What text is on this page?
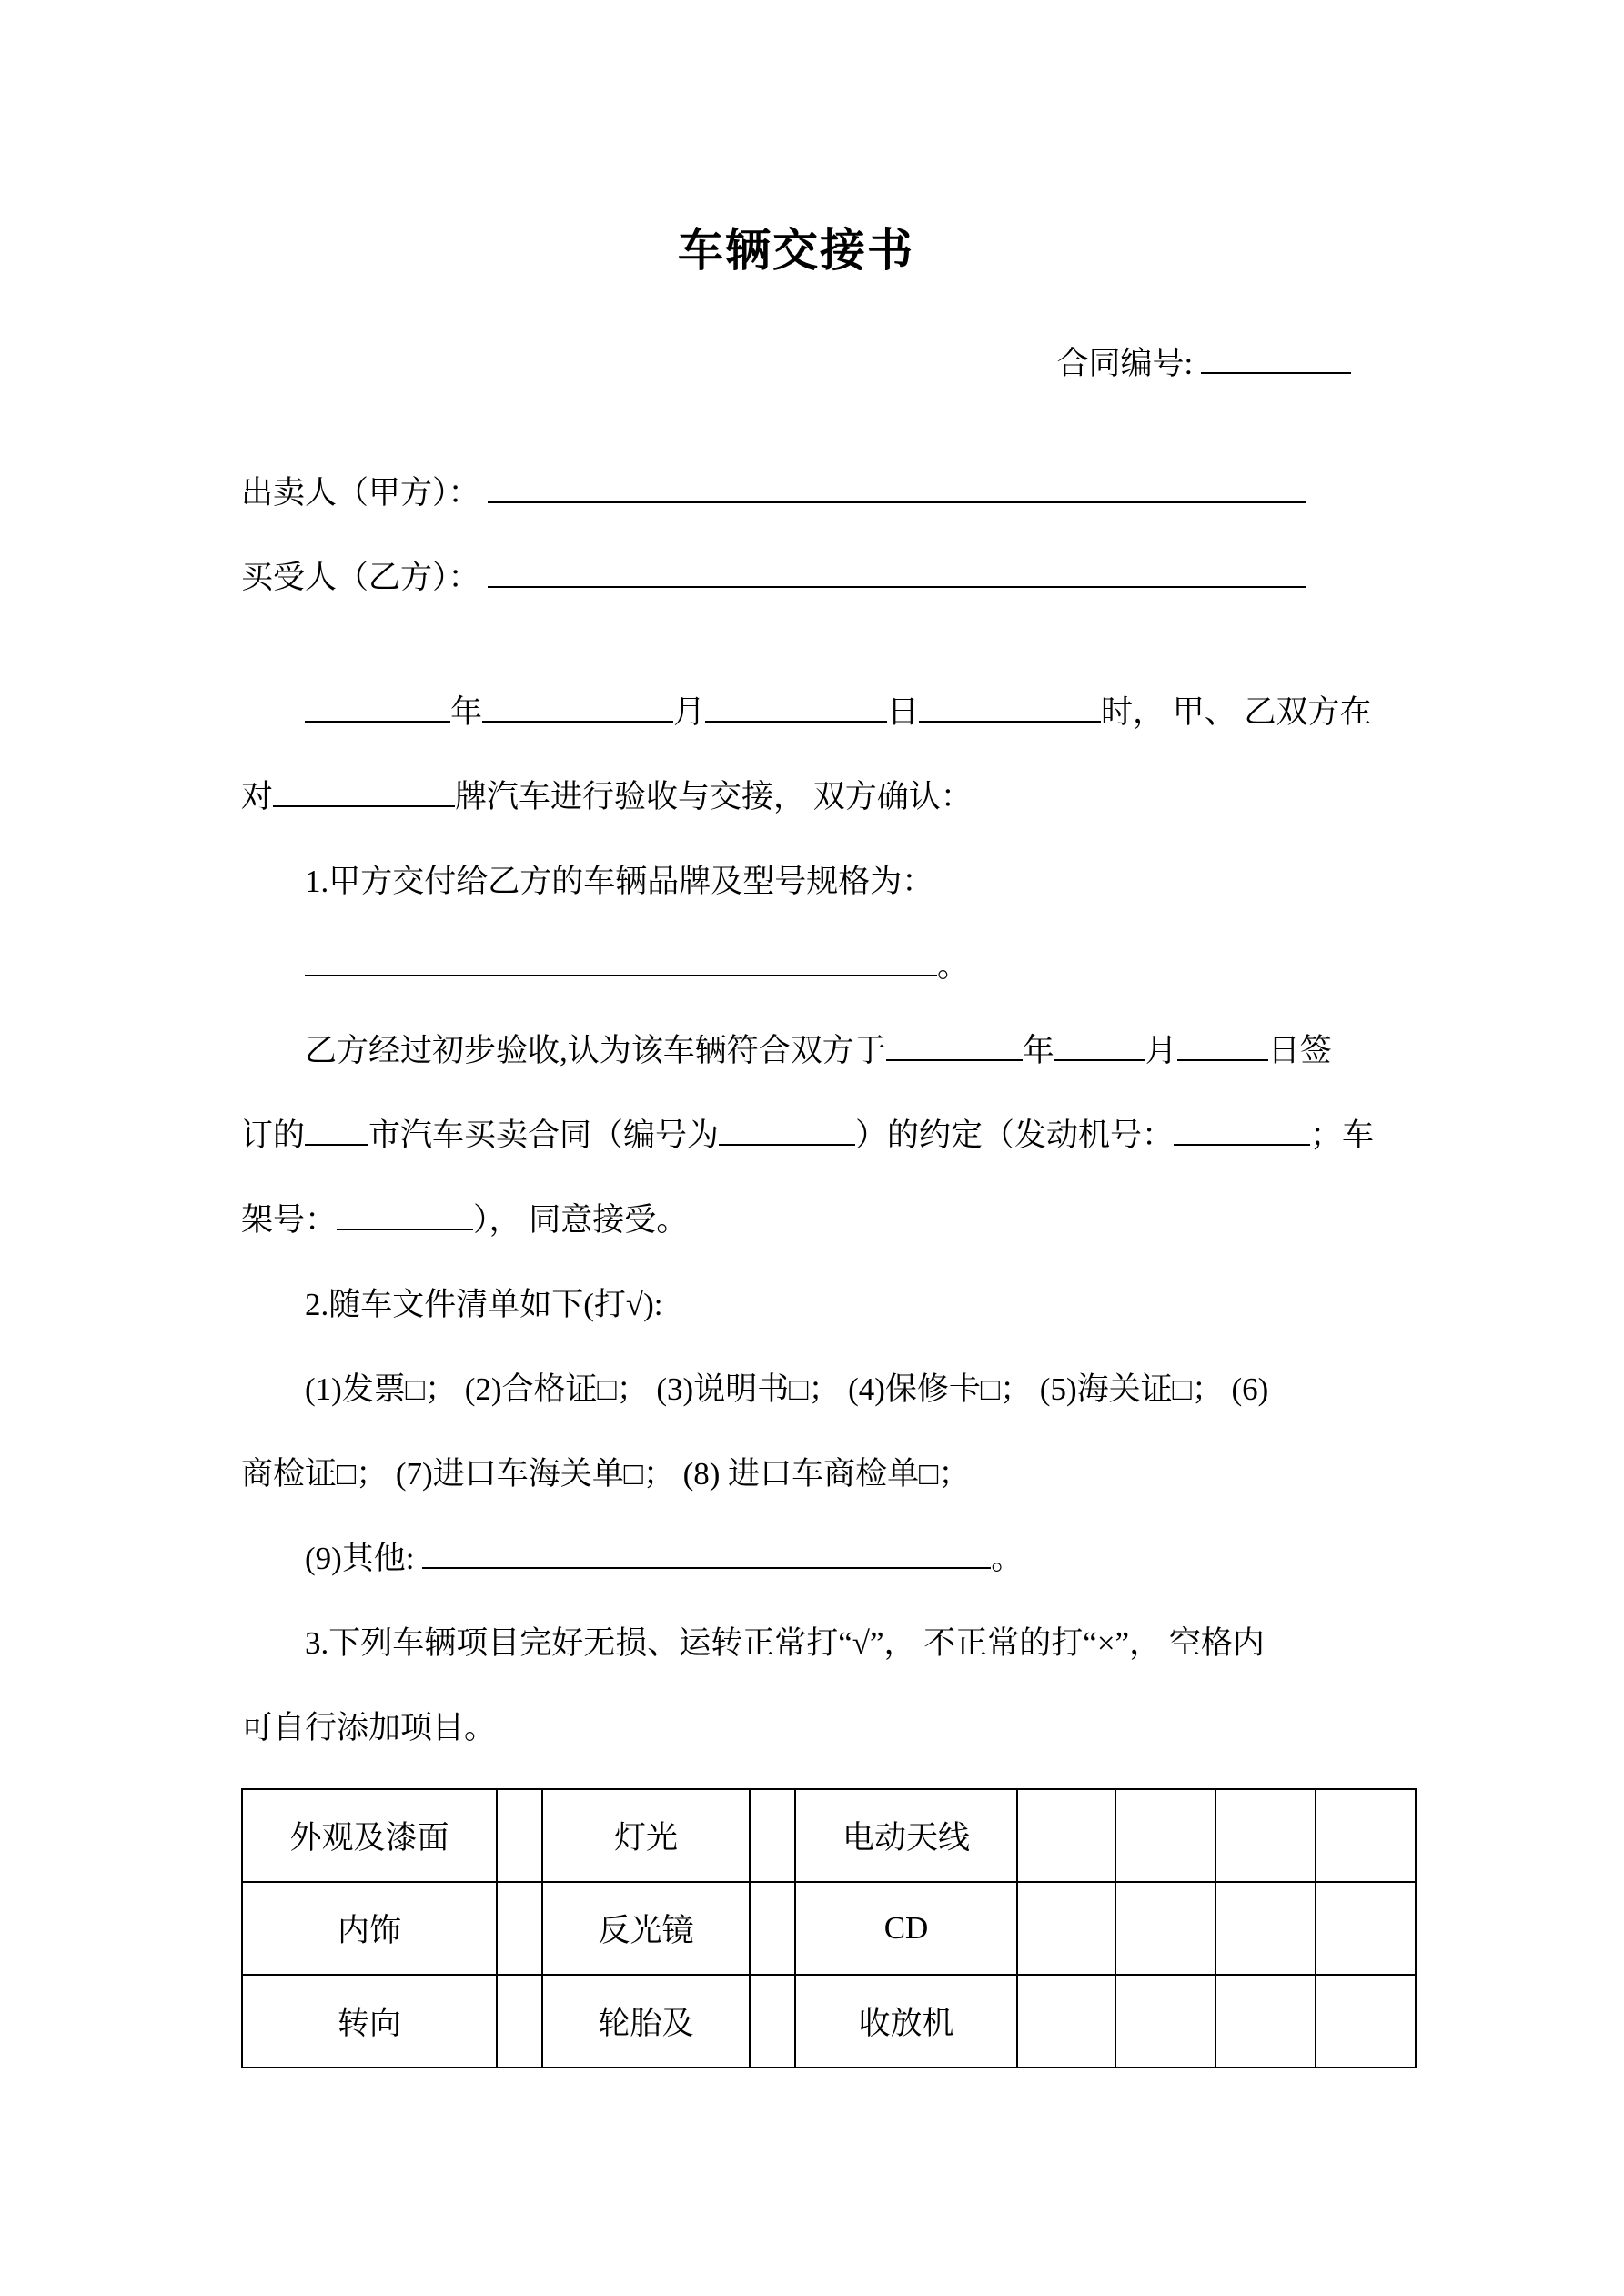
车辆交接书
合同编号:
出卖人（甲方）：
买受人（乙方）：
年	月	日	时， 甲、 乙双方在
对	牌汽车进行验收与交接， 双方确认：
1.甲方交付给乙方的车辆品牌及型号规格为：
。
乙方经过初步验收,认为该车辆符合双方于	年	月	日签
订的 市汽车买卖合同（编号为	）的约定（发动机号：	；车
架号：	）， 同意接受。
2.随车文件清单如下(打√):
(1)发票□； (2)合格证□； (3)说明书□； (4)保修卡□； (5)海关证□； (6)
商检证□； (7)进口车海关单□； (8) 进口车商检单□；
(9)其他:	。
3.下列车辆项目完好无损、运转正常打“√”， 不正常的打“×”， 空格内
可自行添加项目。
外观及漆面		灯光		电动天线				
内饰		反光镜		CD				
转向		轮胎及		收放机				
